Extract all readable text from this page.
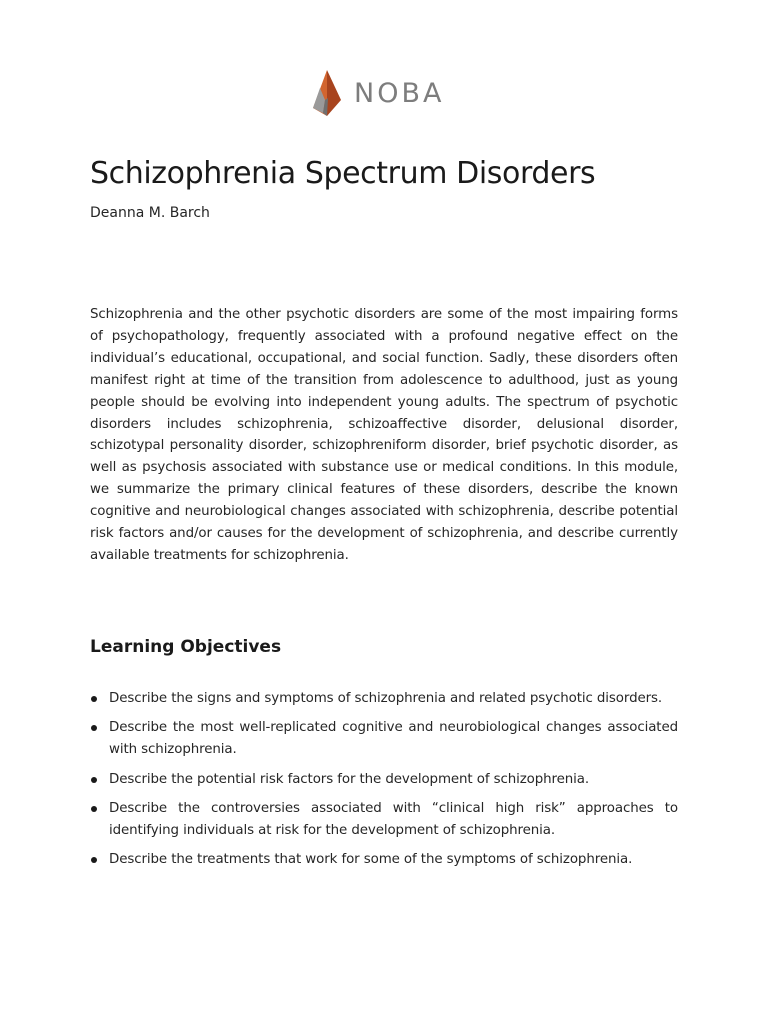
NOBA
Schizophrenia Spectrum Disorders
Deanna M. Barch

Schizophrenia and the other psychotic disorders are some of the most impairing forms of psychopathology, frequently associated with a profound negative effect on the individual’s educational, occupational, and social function. Sadly, these disorders often manifest right at time of the transition from adolescence to adulthood, just as young people should be evolving into independent young adults. The spectrum of psychotic disorders includes schizophrenia, schizoaffective disorder, delusional disorder, schizotypal personality disorder, schizophreniform disorder, brief psychotic disorder, as well as psychosis associated with substance use or medical conditions. In this module, we summarize the primary clinical features of these disorders, describe the known cognitive and neurobiological changes associated with schizophrenia, describe potential risk factors and/or causes for the development of schizophrenia, and describe currently available treatments for schizophrenia.

Learning Objectives
Describe the signs and symptoms of schizophrenia and related psychotic disorders.
Describe the most well-replicated cognitive and neurobiological changes associated with schizophrenia.
Describe the potential risk factors for the development of schizophrenia.
Describe the controversies associated with “clinical high risk” approaches to identifying individuals at risk for the development of schizophrenia.
Describe the treatments that work for some of the symptoms of schizophrenia.
